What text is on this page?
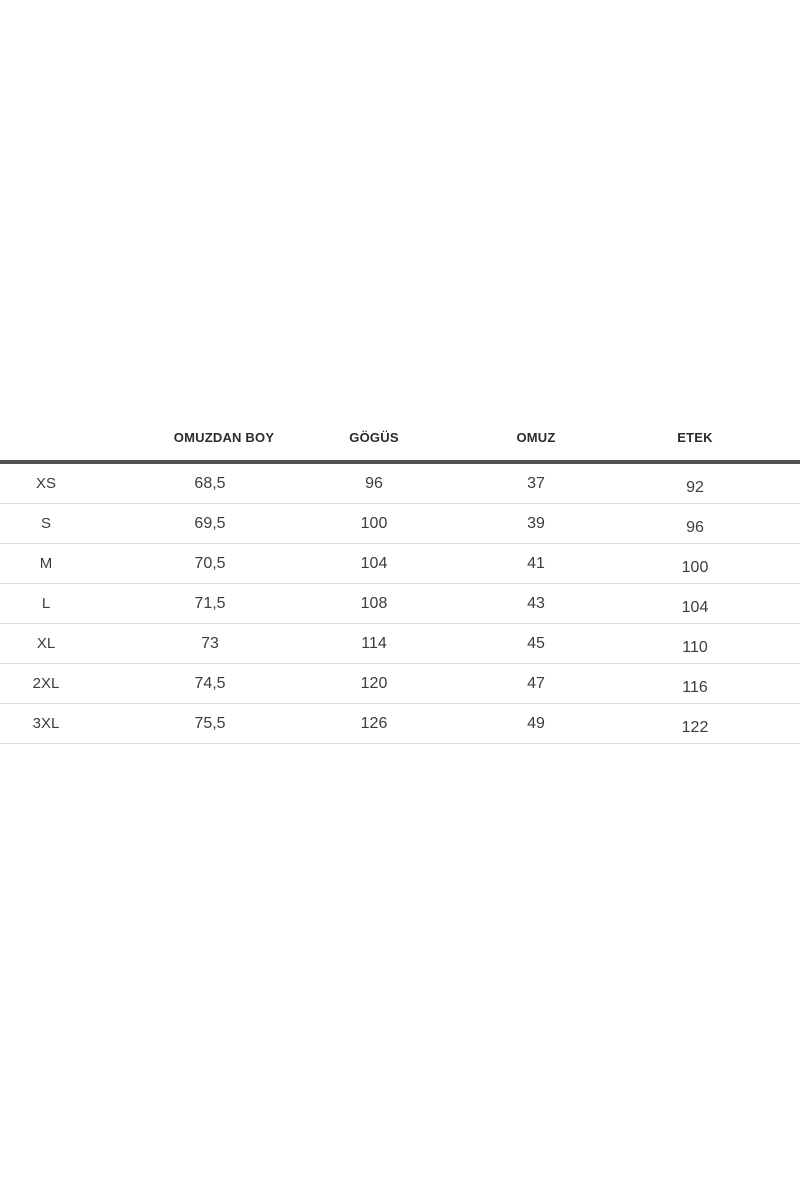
	OMUZDAN BOY	GÖGÜS	OMUZ	ETEK
XS	68,5	96	37	92
S	69,5	100	39	96
M	70,5	104	41	100
L	71,5	108	43	104
XL	73	114	45	110
2XL	74,5	120	47	116
3XL	75,5	126	49	122
